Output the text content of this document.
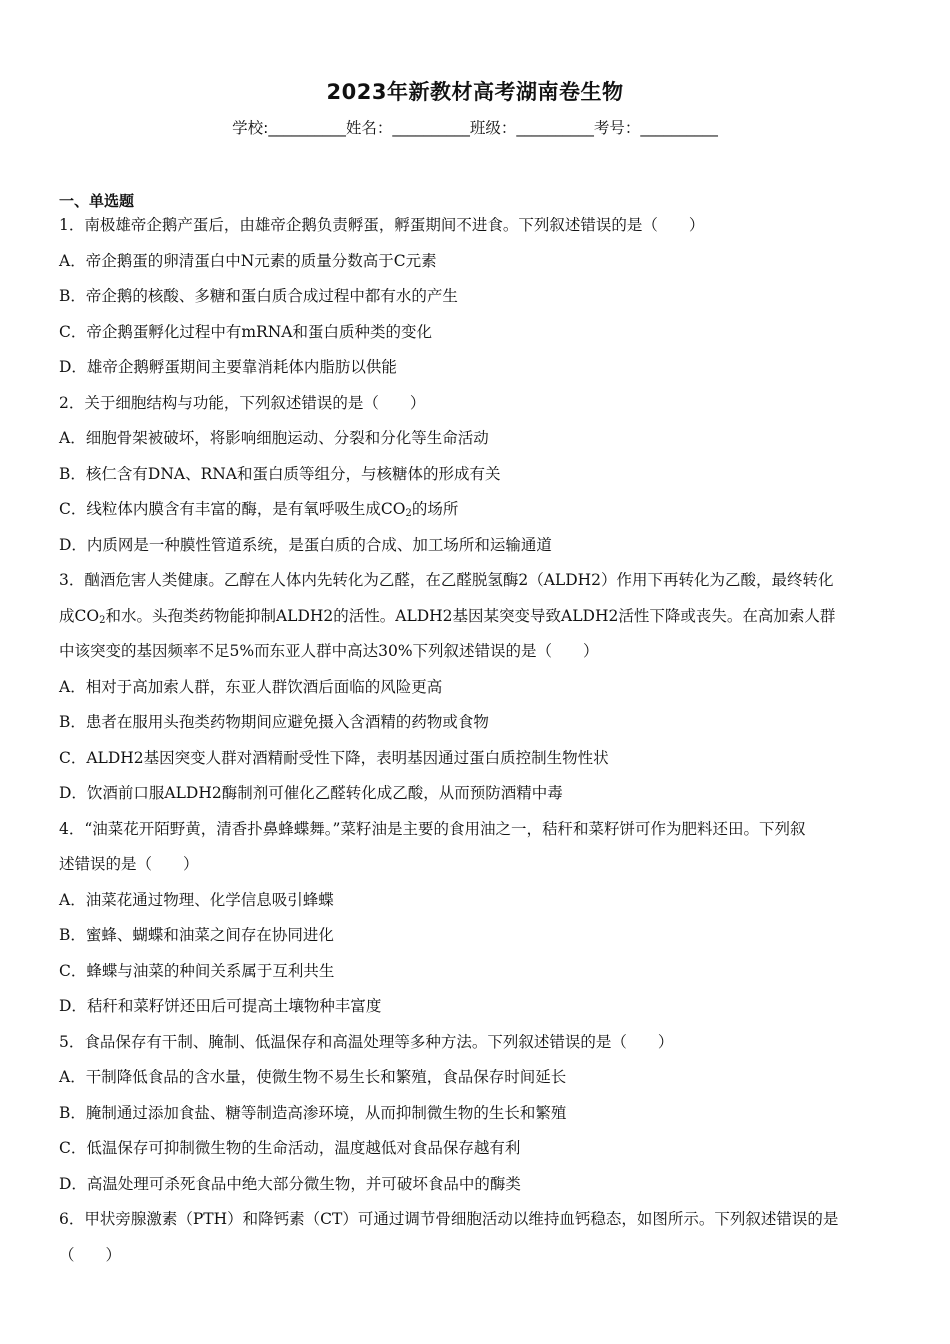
2023年新教材高考湖南卷生物
学校:__________姓名：__________班级：__________考号：__________
一、单选题
1．南极雄帝企鹅产蛋后，由雄帝企鹅负责孵蛋，孵蛋期间不进食。下列叙述错误的是（　　）
A．帝企鹅蛋的卵清蛋白中N元素的质量分数高于C元素
B．帝企鹅的核酸、多糖和蛋白质合成过程中都有水的产生
C．帝企鹅蛋孵化过程中有mRNA和蛋白质种类的变化
D．雄帝企鹅孵蛋期间主要靠消耗体内脂肪以供能
2．关于细胞结构与功能，下列叙述错误的是（　　）
A．细胞骨架被破坏，将影响细胞运动、分裂和分化等生命活动
B．核仁含有DNA、RNA和蛋白质等组分，与核糖体的形成有关
C．线粒体内膜含有丰富的酶，是有氧呼吸生成$CO_2$的场所
D．内质网是一种膜性管道系统，是蛋白质的合成、加工场所和运输通道
3．酗酒危害人类健康。乙醇在人体内先转化为乙醛，在乙醛脱氢酶2（ALDH2）作用下再转化为乙酸，最终转化
成$CO_2$和水。头孢类药物能抑制ALDH2的活性。ALDH2基因某突变导致ALDH2活性下降或丧失。在高加索人群
中该突变的基因频率不足5%而东亚人群中高达30%下列叙述错误的是（　　）
A．相对于高加索人群，东亚人群饮酒后面临的风险更高
B．患者在服用头孢类药物期间应避免摄入含酒精的药物或食物
C．ALDH2基因突变人群对酒精耐受性下降，表明基因通过蛋白质控制生物性状
D．饮酒前口服ALDH2酶制剂可催化乙醛转化成乙酸，从而预防酒精中毒
4．“油菜花开陌野黄，清香扑鼻蜂蝶舞。”菜籽油是主要的食用油之一，秸秆和菜籽饼可作为肥料还田。下列叙
述错误的是（　　）
A．油菜花通过物理、化学信息吸引蜂蝶
B．蜜蜂、蝴蝶和油菜之间存在协同进化
C．蜂蝶与油菜的种间关系属于互利共生
D．秸秆和菜籽饼还田后可提高土壤物种丰富度
5．食品保存有干制、腌制、低温保存和高温处理等多种方法。下列叙述错误的是（　　）
A．干制降低食品的含水量，使微生物不易生长和繁殖，食品保存时间延长
B．腌制通过添加食盐、糖等制造高渗环境，从而抑制微生物的生长和繁殖
C．低温保存可抑制微生物的生命活动，温度越低对食品保存越有利
D．高温处理可杀死食品中绝大部分微生物，并可破坏食品中的酶类
6．甲状旁腺激素（PTH）和降钙素（CT）可通过调节骨细胞活动以维持血钙稳态，如图所示。下列叙述错误的是
（　　）
